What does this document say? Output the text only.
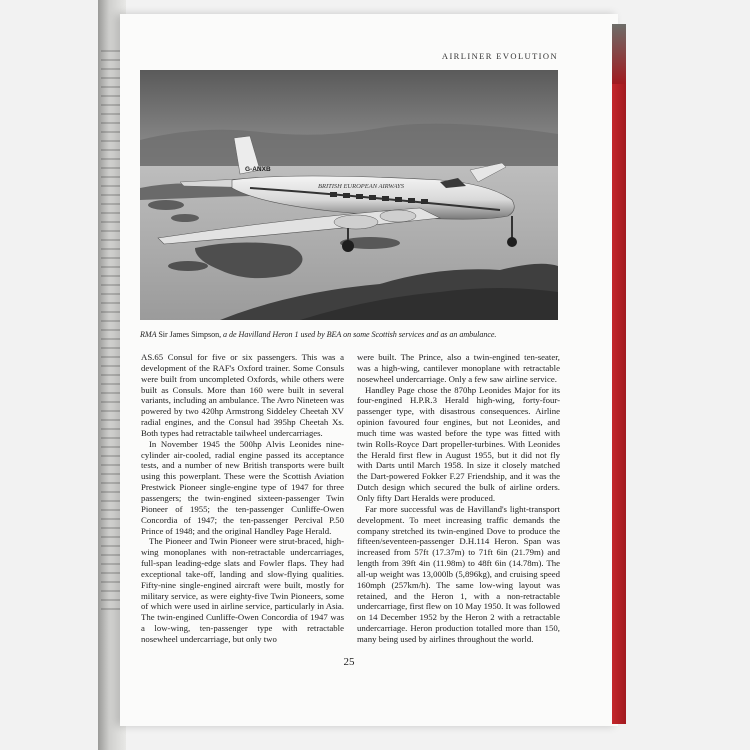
AIRLINER EVOLUTION
G-ANXB
BRITISH EUROPEAN AIRWAYS
RMA Sir James Simpson, a de Havilland Heron 1 used by BEA on some Scottish services and as an ambulance.

AS.65 Consul for five or six passengers. This was a development of the RAF's Oxford trainer. Some Consuls were built from uncompleted Oxfords, while others were built as Consuls. More than 160 were built in several variants, including an ambulance. The Avro Nineteen was powered by two 420hp Armstrong Siddeley Cheetah XV radial engines, and the Consul had 395hp Cheetah Xs. Both types had retractable tailwheel undercarriages.

In November 1945 the 500hp Alvis Leonides nine-cylinder air-cooled, radial engine passed its acceptance tests, and a number of new British transports were built using this powerplant. These were the Scottish Aviation Prestwick Pioneer single-engine type of 1947 for three passengers; the twin-engined sixteen-passenger Twin Pioneer of 1955; the ten-passenger Cunliffe-Owen Concordia of 1947; the ten-passenger Percival P.50 Prince of 1948; and the original Handley Page Herald.

The Pioneer and Twin Pioneer were strut-braced, high-wing monoplanes with non-retractable undercarriages, full-span leading-edge slats and Fowler flaps. They had exceptional take-off, landing and slow-flying qualities. Fifty-nine single-engined aircraft were built, mostly for military service, as were eighty-five Twin Pioneers, some of which were used in airline service, particularly in Asia. The twin-engined Cunliffe-Owen Concordia of 1947 was a low-wing, ten-passenger type with retractable nosewheel undercarriage, but only two

were built. The Prince, also a twin-engined ten-seater, was a high-wing, cantilever monoplane with retractable nosewheel undercarriage. Only a few saw airline service.

Handley Page chose the 870hp Leonides Major for its four-engined H.P.R.3 Herald high-wing, forty-four-passenger type, with disastrous consequences. Airline opinion favoured four engines, but not Leonides, and much time was wasted before the type was fitted with twin Rolls-Royce Dart propeller-turbines. With Leonides the Herald first flew in August 1955, but it did not fly with Darts until March 1958. In size it closely matched the Dart-powered Fokker F.27 Friendship, and it was the Dutch design which secured the bulk of airline orders. Only fifty Dart Heralds were produced.

Far more successful was de Havilland's light-transport development. To meet increasing traffic demands the company stretched its twin-engined Dove to produce the fifteen/seventeen-passenger D.H.114 Heron. Span was increased from 57ft (17.37m) to 71ft 6in (21.79m) and length from 39ft 4in (11.98m) to 48ft 6in (14.78m). The all-up weight was 13,000lb (5,896kg), and cruising speed 160mph (257km/h). The same low-wing layout was retained, and the Heron 1, with a non-retractable undercarriage, first flew on 10 May 1950. It was followed on 14 December 1952 by the Heron 2 with a retractable undercarriage. Heron production totalled more than 150, many being used by airlines throughout the world.

25
